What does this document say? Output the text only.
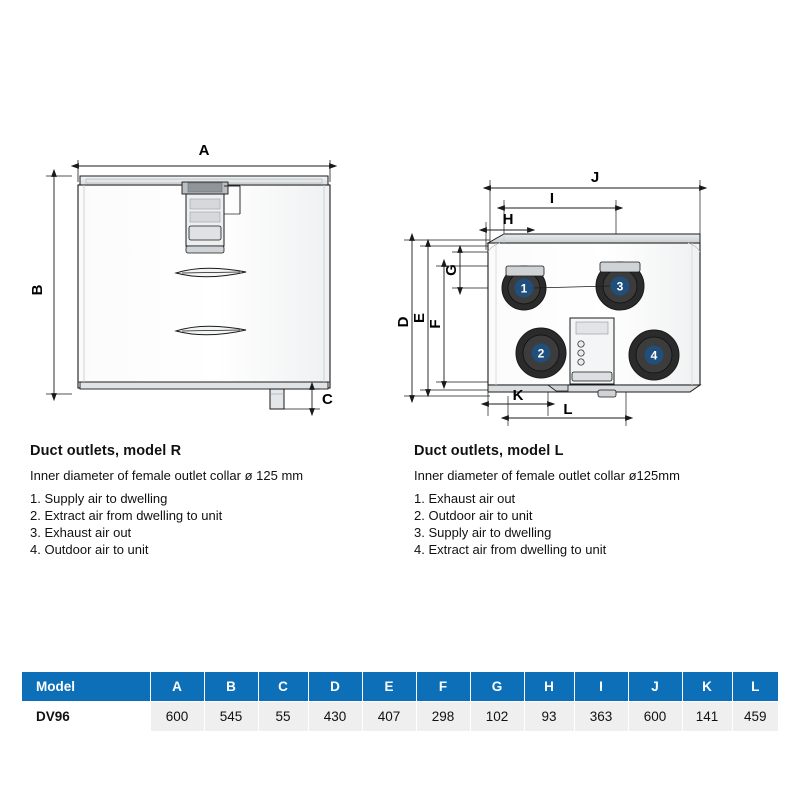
A
B
C
J
I
H
G
F
E
D
1	3
2	4
K
L

Duct outlets, model R

Inner diameter of female outlet collar ø 125 mm

1. Supply air to dwelling
2. Extract air from dwelling to unit
3. Exhaust air out
4. Outdoor air to unit

Duct outlets, model L

Inner diameter of female outlet collar ø125mm

1. Exhaust air out
2. Outdoor air to unit
3. Supply air to dwelling
4. Extract air from dwelling to unit
Model	A	B	C	D	E	F	G	H	I	J	K	L
DV96	600	545	55	430	407	298	102	93	363	600	141	459
